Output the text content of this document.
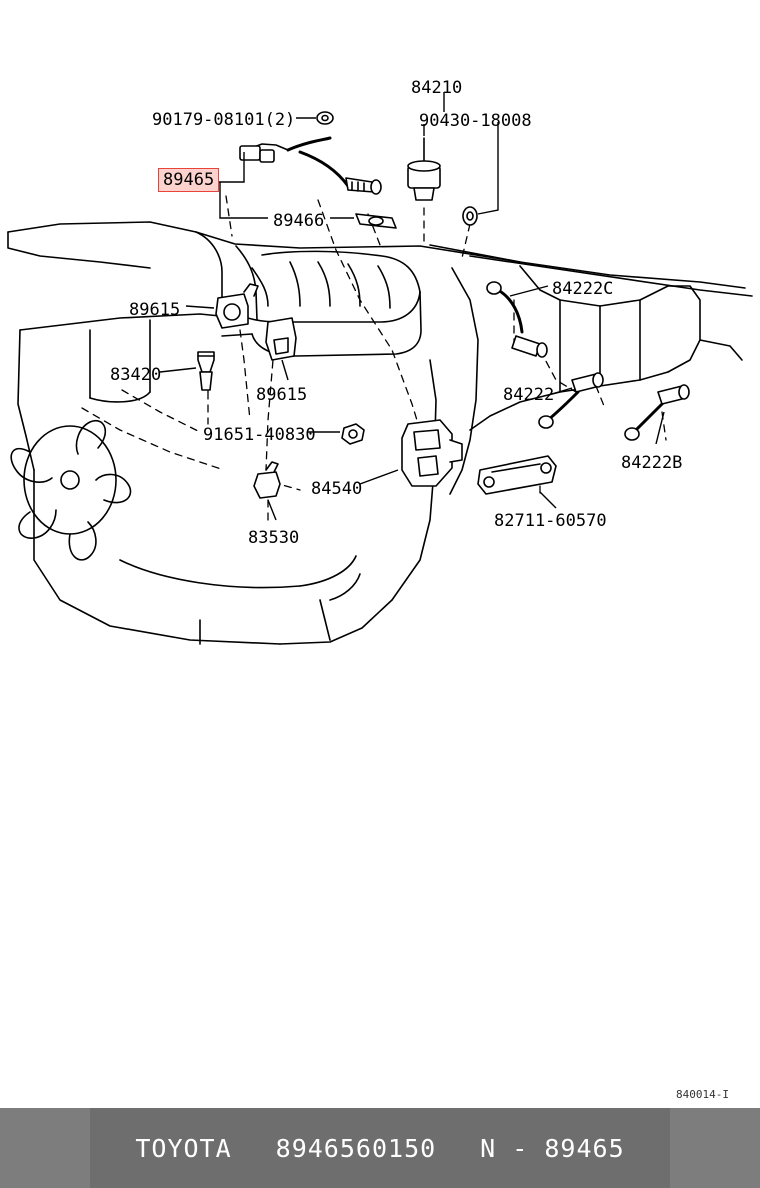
90179-08101(2)
84210
90430-18008
89465
89466
84222C
89615
83420
89615	84222
91651-40830
84222B
84540
82711-60570
83530
840014-I
TOYOTA 8946560150 N - 89465
